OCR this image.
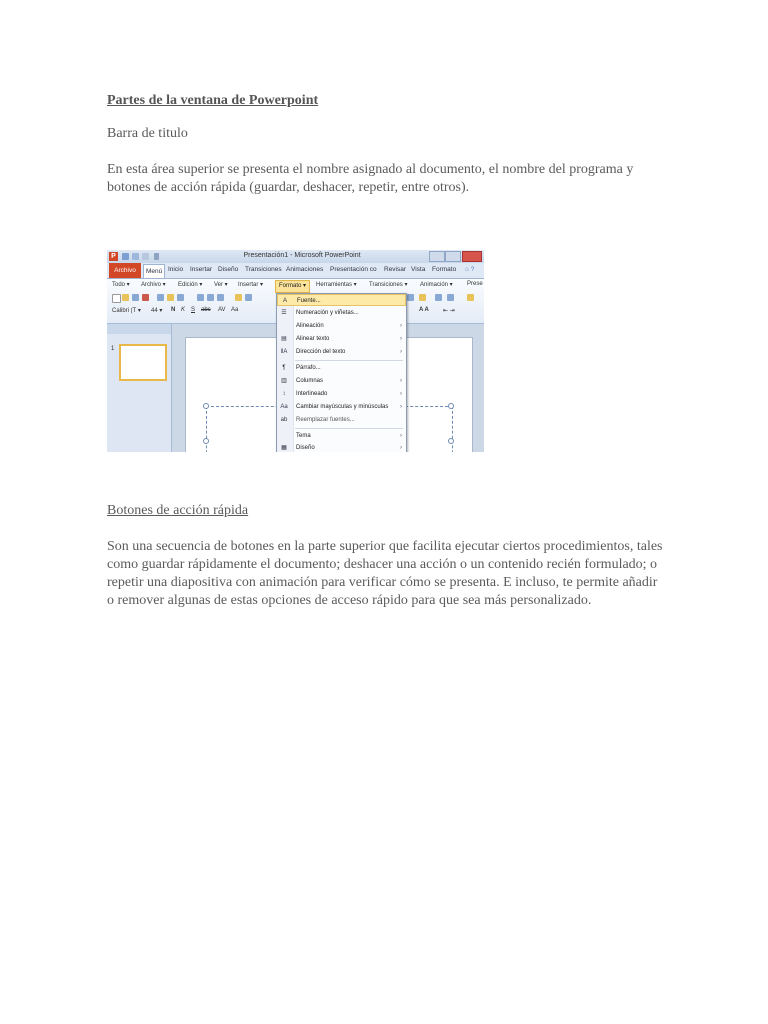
Partes de la ventana de Powerpoint

Barra de titulo

En esta área superior se presenta el nombre asignado al documento, el nombre del programa y botones de acción rápida (guardar, deshacer, repetir, entre otros).

P	Presentación1 - Microsoft PowerPoint
Archivo	Menú Inicio Insertar Diseño Transiciones Animaciones Presentación co Revisar Vista Formato ⌂ ?
Todo ▾ Archivo ▾ Edición ▾ Ver ▾ Insertar ▾	Formato ▾	Herramientas ▾ Transiciones ▾ Animación ▾ Prese
Calibri (T ▾ 44 ▾ N K S abc AV Aa	A A ⇤ ⇥
1
A	Fuente...
☰ Numeración y viñetas...
Alineación	›
▤ Alinear texto	›
llA Dirección del texto	›
¶	Párrafo...
▥ Columnas	›
↕	Interlineado	›
Aa Cambiar mayúsculas y minúsculas ›
ab Reemplazar fuentes...
Tema	›
▦ Diseño	›

Botones de acción rápida

Son una secuencia de botones en la parte superior que facilita ejecutar ciertos procedimientos, tales como guardar rápidamente el documento; deshacer una acción o un contenido recién formulado; o repetir una diapositiva con animación para verificar cómo se presenta. E incluso, te permite añadir o remover algunas de estas opciones de acceso rápido para que sea más personalizado.
